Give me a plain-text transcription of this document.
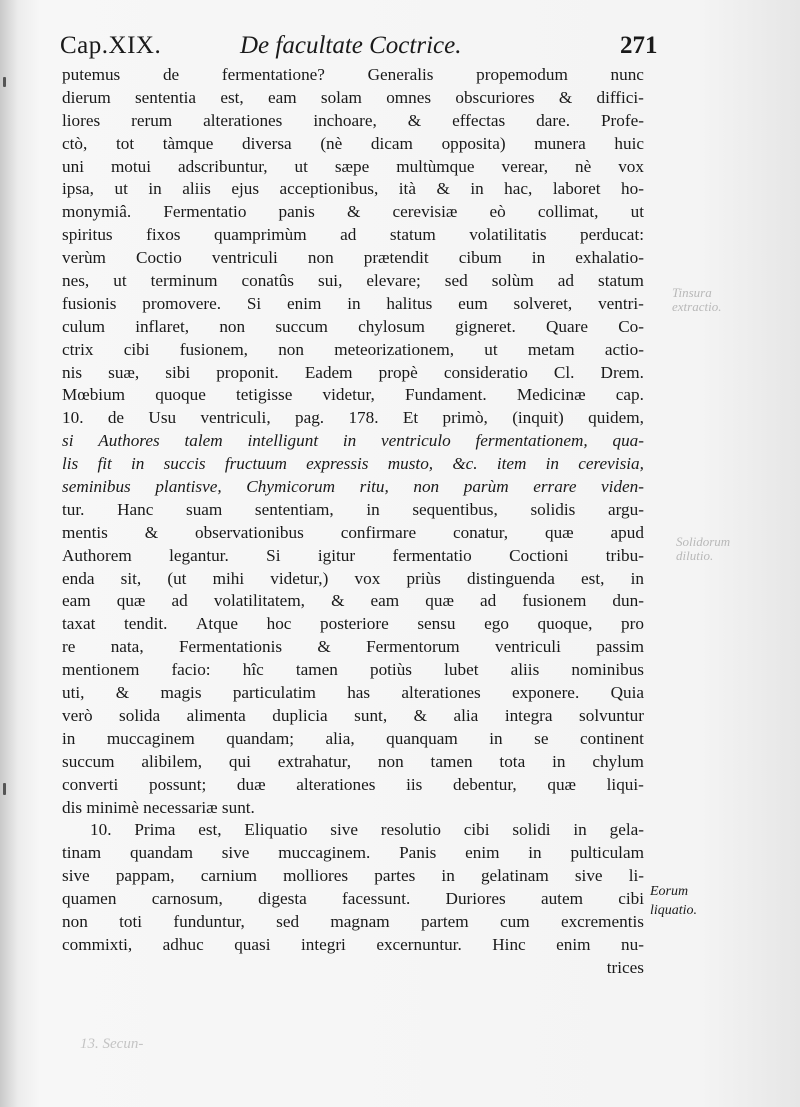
Cap.XIX.	De facultate Coctrice.	271
Tinsura
extractio.
Solidorum
dilutio.
13. Secun-
putemus de fermentatione? Generalis propemodum nunc
dierum sententia est, eam solam omnes obscuriores & diffici-
liores rerum alterationes inchoare, & effectas dare. Profe-
ctò, tot tàmque diversa (nè dicam opposita) munera huic
uni motui adscribuntur, ut sæpe multùmque verear, nè vox
ipsa, ut in aliis ejus acceptionibus, ità & in hac, laboret ho-
monymiâ. Fermentatio panis & cerevisiæ eò collimat, ut
spiritus fixos quamprimùm ad statum volatilitatis perducat:
verùm Coctio ventriculi non prætendit cibum in exhalatio-
nes, ut terminum conatûs sui, elevare; sed solùm ad statum
fusionis promovere. Si enim in halitus eum solveret, ventri-
culum inflaret, non succum chylosum gigneret. Quare Co-
ctrix cibi fusionem, non meteorizationem, ut metam actio-
nis suæ, sibi proponit. Eadem propè consideratio Cl. Drem.
Mœbium quoque tetigisse videtur, Fundament. Medicinæ cap.
10. de Usu ventriculi, pag. 178. Et primò, (inquit) quidem,
si Authores talem intelligunt in ventriculo fermentationem, qua-
lis fit in succis fructuum expressis musto, &c. item in cerevisia,
seminibus plantisve, Chymicorum ritu, non parùm errare viden-
tur. Hanc suam sententiam, in sequentibus, solidis argu-
mentis & observationibus confirmare conatur, quæ apud
Authorem legantur. Si igitur fermentatio Coctioni tribu-
enda sit, (ut mihi videtur,) vox priùs distinguenda est, in
eam quæ ad volatilitatem, & eam quæ ad fusionem dun-
taxat tendit. Atque hoc posteriore sensu ego quoque, pro
re nata, Fermentationis & Fermentorum ventriculi passim
mentionem facio: hîc tamen potiùs lubet aliis nominibus
uti, & magis particulatim has alterationes exponere. Quia
verò solida alimenta duplicia sunt, & alia integra solvuntur
in muccaginem quandam; alia, quanquam in se continent
succum alibilem, qui extrahatur, non tamen tota in chylum
converti possunt; duæ alterationes iis debentur, quæ liqui-
dis minimè necessariæ sunt.
10. Prima est, Eliquatio sive resolutio cibi solidi in gela-
tinam quandam sive muccaginem. Panis enim in pulticulam
sive pappam, carnium molliores partes in gelatinam sive li-
quamen carnosum, digesta facessunt. Duriores autem cibi
non toti funduntur, sed magnam partem cum excrementis
commixti, adhuc quasi integri excernuntur. Hinc enim nu-
trices
Eorum liquatio.
